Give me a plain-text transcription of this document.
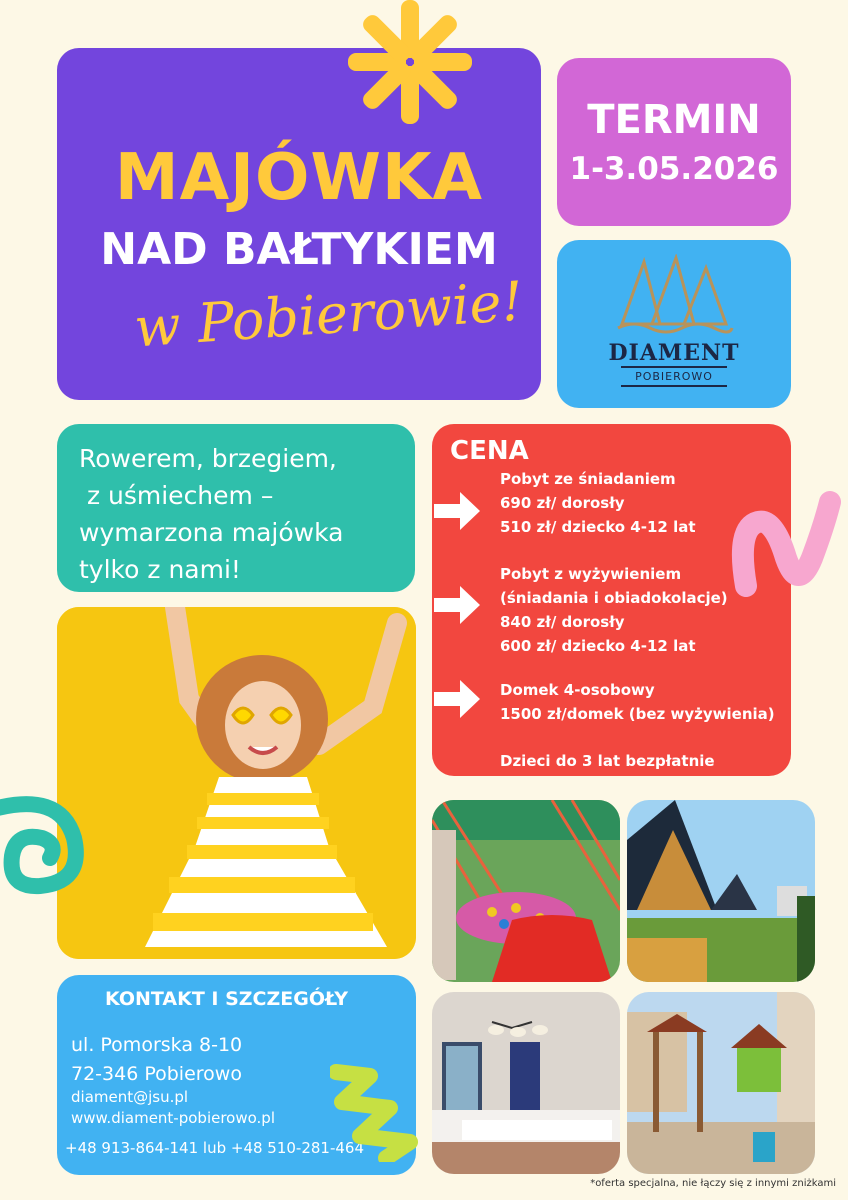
MAJÓWKA
NAD BAŁTYKIEM
w Pobierowie!
TERMIN
1-3.05.2026
DIAMENT
POBIEROWO
Rowerem, brzegiem,
z uśmiechem –
wymarzona majówka
tylko z nami!
CENA
Pobyt ze śniadaniem
690 zł/ dorosły
510 zł/ dziecko 4-12 lat
Pobyt z wyżywieniem
(śniadania i obiadokolacje)
840 zł/ dorosły
600 zł/ dziecko 4-12 lat
Domek 4-osobowy
1500 zł/domek (bez wyżywienia)
Dzieci do 3 lat bezpłatnie
KONTAKT I SZCZEGÓŁY
ul. Pomorska 8-10
72-346 Pobierowo
diament@jsu.pl
www.diament-pobierowo.pl
+48 913-864-141 lub +48 510-281-464
*oferta specjalna, nie łączy się z innymi zniżkami
